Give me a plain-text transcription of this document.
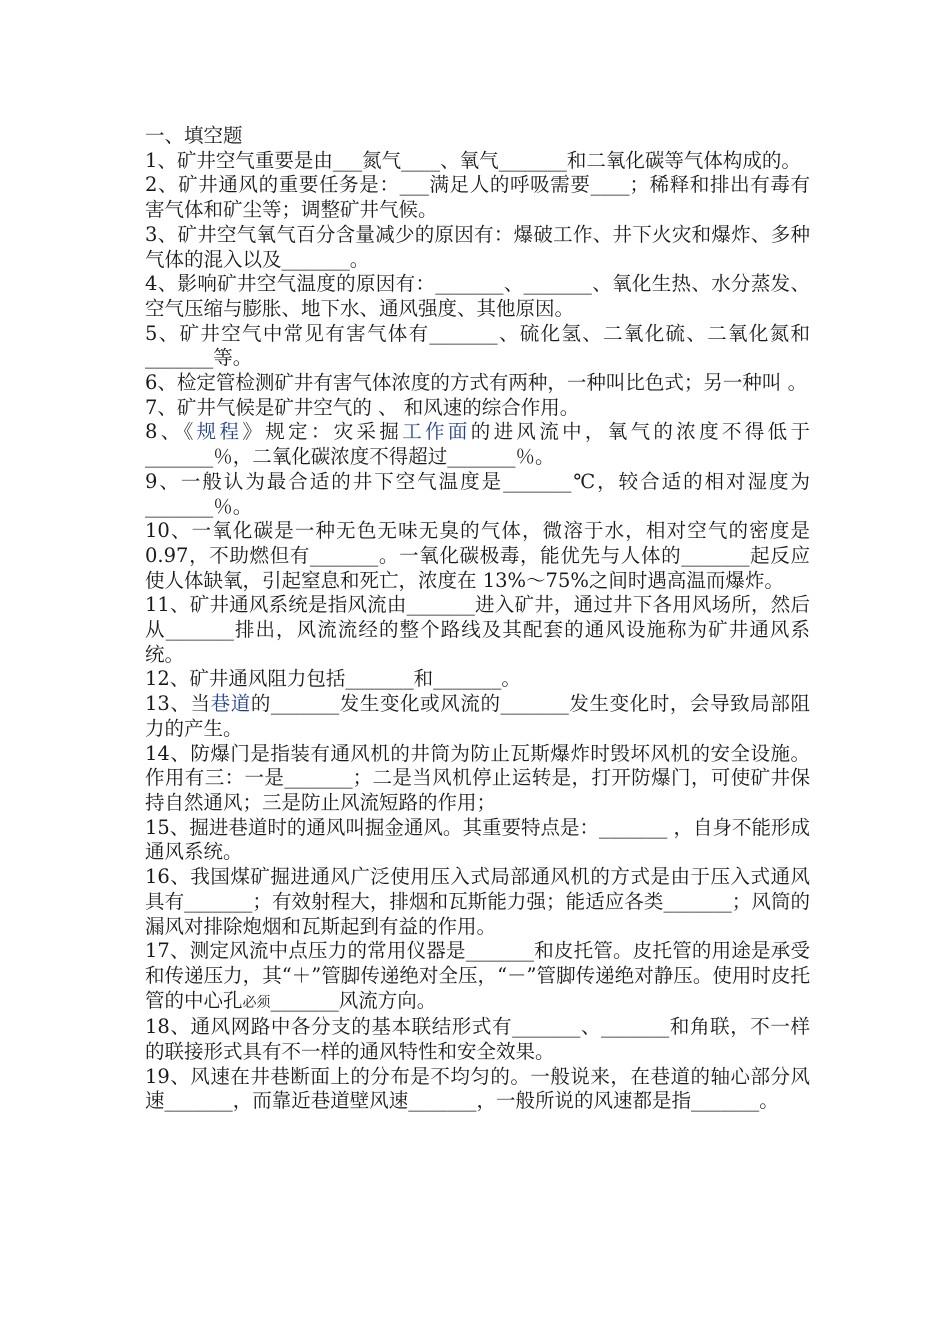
一、填空题

1、矿井空气重要是由___氮气____、氧气_______和二氧化碳等气体构成的。

2、矿井通风的重要任务是：___满足人的呼吸需要____；稀释和排出有毒有害气体和矿尘等；调整矿井气候。

3、矿井空气氧气百分含量减少的原因有：爆破工作、井下火灾和爆炸、多种气体的混入以及_______。

4、影响矿井空气温度的原因有：_______、_______、氧化生热、水分蒸发、空气压缩与膨胀、地下水、通风强度、其他原因。

5、矿井空气中常见有害气体有_______、硫化氢、二氧化硫、二氧化氮和_______等。

6、检定管检测矿井有害气体浓度的方式有两种，一种叫比色式；另一种叫 。

7、矿井气候是矿井空气的 、 和风速的综合作用。

8、《规程》规定：灾采掘工作面的进风流中，氧气的浓度不得低于_______％，二氧化碳浓度不得超过_______％。

9、一般认为最合适的井下空气温度是_______℃，较合适的相对湿度为_______％。

10、一氧化碳是一种无色无味无臭的气体，微溶于水，相对空气的密度是 0.97，不助燃但有_______。一氧化碳极毒，能优先与人体的_______起反应使人体缺氧，引起窒息和死亡，浓度在 13%～75%之间时遇高温而爆炸。

11、矿井通风系统是指风流由_______进入矿井，通过井下各用风场所，然后从_______排出，风流流经的整个路线及其配套的通风设施称为矿井通风系统。

12、矿井通风阻力包括_______和_______。

13、当巷道的_______发生变化或风流的_______发生变化时，会导致局部阻力的产生。

14、防爆门是指装有通风机的井筒为防止瓦斯爆炸时毁坏风机的安全设施。作用有三：一是_______；二是当风机停止运转是，打开防爆门，可使矿井保持自然通风；三是防止风流短路的作用；

15、掘进巷道时的通风叫掘金通风。其重要特点是：_______ ，自身不能形成通风系统。

16、我国煤矿掘进通风广泛使用压入式局部通风机的方式是由于压入式通风具有_______；有效射程大，排烟和瓦斯能力强；能适应各类_______；风筒的漏风对排除炮烟和瓦斯起到有益的作用。

17、测定风流中点压力的常用仪器是_______和皮托管。皮托管的用途是承受和传递压力，其“＋”管脚传递绝对全压，“－”管脚传递绝对静压。使用时皮托管的中心孔必须_______风流方向。

18、通风网路中各分支的基本联结形式有_______、_______和角联，不一样的联接形式具有不一样的通风特性和安全效果。

19、风速在井巷断面上的分布是不均匀的。一般说来，在巷道的轴心部分风速_______，而靠近巷道壁风速_______，一般所说的风速都是指_______。
